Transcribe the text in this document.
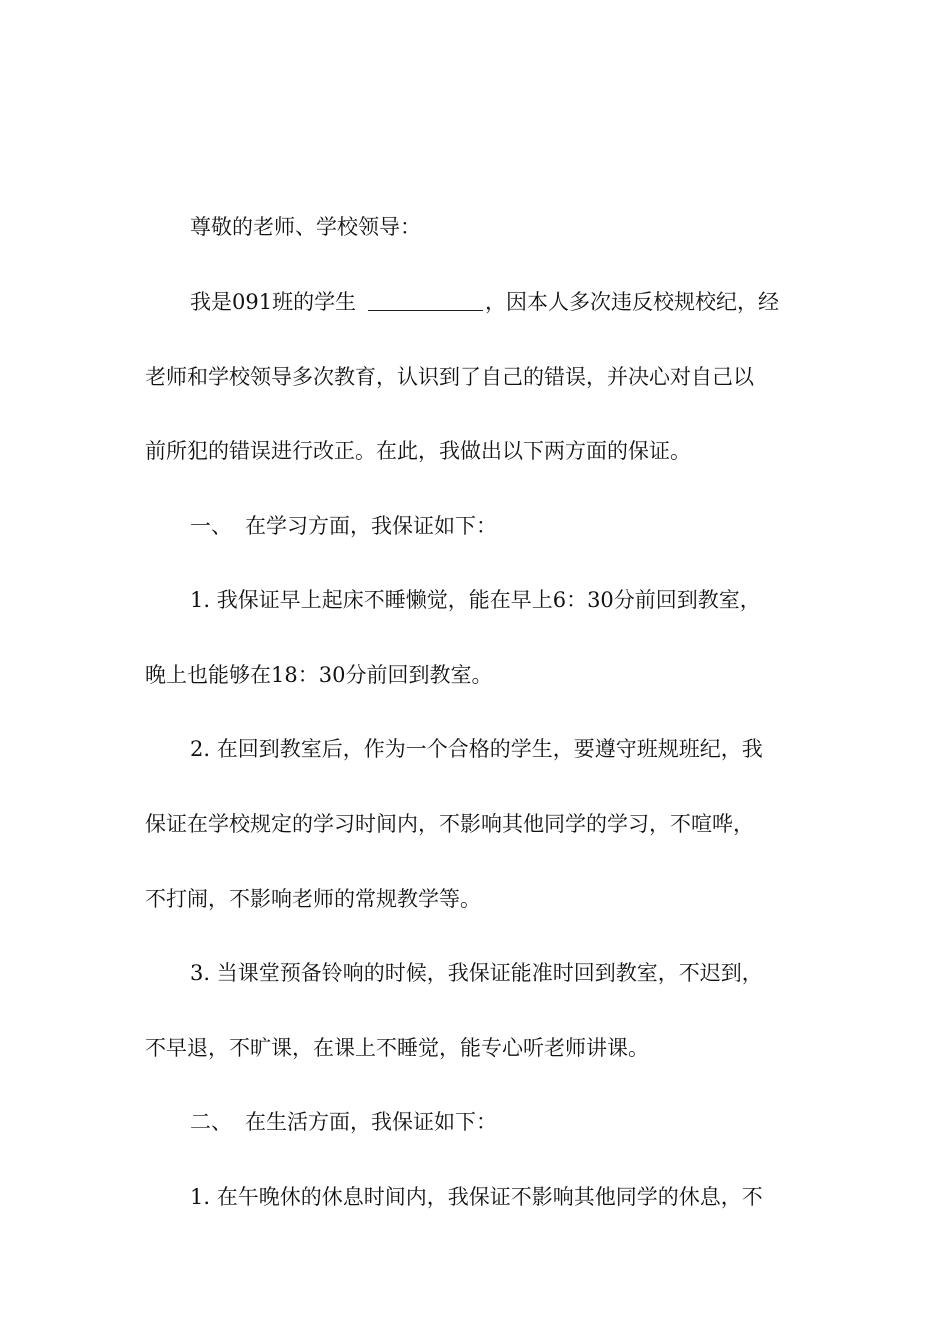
尊敬的老师、学校领导：
我是091班的学生	，因本人多次违反校规校纪，经
老师和学校领导多次教育，认识到了自己的错误，并决心对自己以
前所犯的错误进行改正。在此，我做出以下两方面的保证。
一、 在学习方面，我保证如下：
1. 我保证早上起床不睡懒觉，能在早上6：30分前回到教室，
晚上也能够在18：30分前回到教室。
2. 在回到教室后，作为一个合格的学生，要遵守班规班纪，我
保证在学校规定的学习时间内，不影响其他同学的学习，不喧哗，
不打闹，不影响老师的常规教学等。
3. 当课堂预备铃响的时候，我保证能准时回到教室，不迟到，
不早退，不旷课，在课上不睡觉，能专心听老师讲课。
二、 在生活方面，我保证如下：
1. 在午晚休的休息时间内，我保证不影响其他同学的休息，不
